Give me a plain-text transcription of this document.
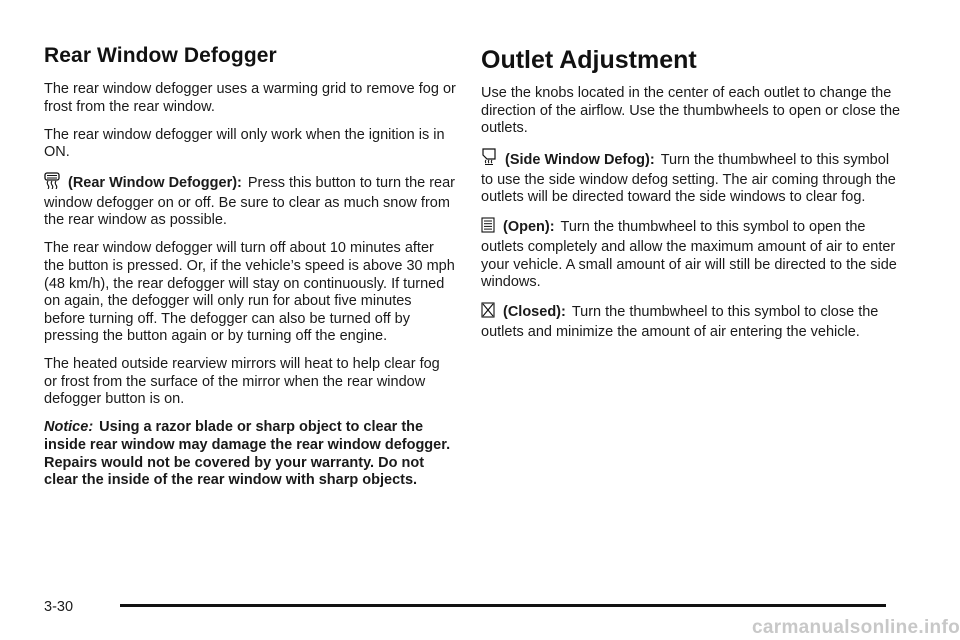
Rear Window Defogger

The rear window defogger uses a warming grid to remove fog or frost from the rear window.

The rear window defogger will only work when the ignition is in ON.

(Rear Window Defogger): Press this button to turn the rear window defogger on or off. Be sure to clear as much snow from the rear window as possible.

The rear window defogger will turn off about 10 minutes after the button is pressed. Or, if the vehicle’s speed is above 30 mph (48 km/h), the rear defogger will stay on continuously. If turned on again, the defogger will only run for about five minutes before turning off. The defogger can also be turned off by pressing the button again or by turning off the engine.

The heated outside rearview mirrors will heat to help clear fog or frost from the surface of the mirror when the rear window defogger button is on.

Notice: Using a razor blade or sharp object to clear the inside rear window may damage the rear window defogger. Repairs would not be covered by your warranty. Do not clear the inside of the rear window with sharp objects.

Outlet Adjustment

Use the knobs located in the center of each outlet to change the direction of the airflow. Use the thumbwheels to open or close the outlets.

(Side Window Defog): Turn the thumbwheel to this symbol to use the side window defog setting. The air coming through the outlets will be directed toward the side windows to clear fog.

(Open): Turn the thumbwheel to this symbol to open the outlets completely and allow the maximum amount of air to enter your vehicle. A small amount of air will still be directed to the side windows.

(Closed): Turn the thumbwheel to this symbol to close the outlets and minimize the amount of air entering the vehicle.

3-30
carmanualsonline.info
